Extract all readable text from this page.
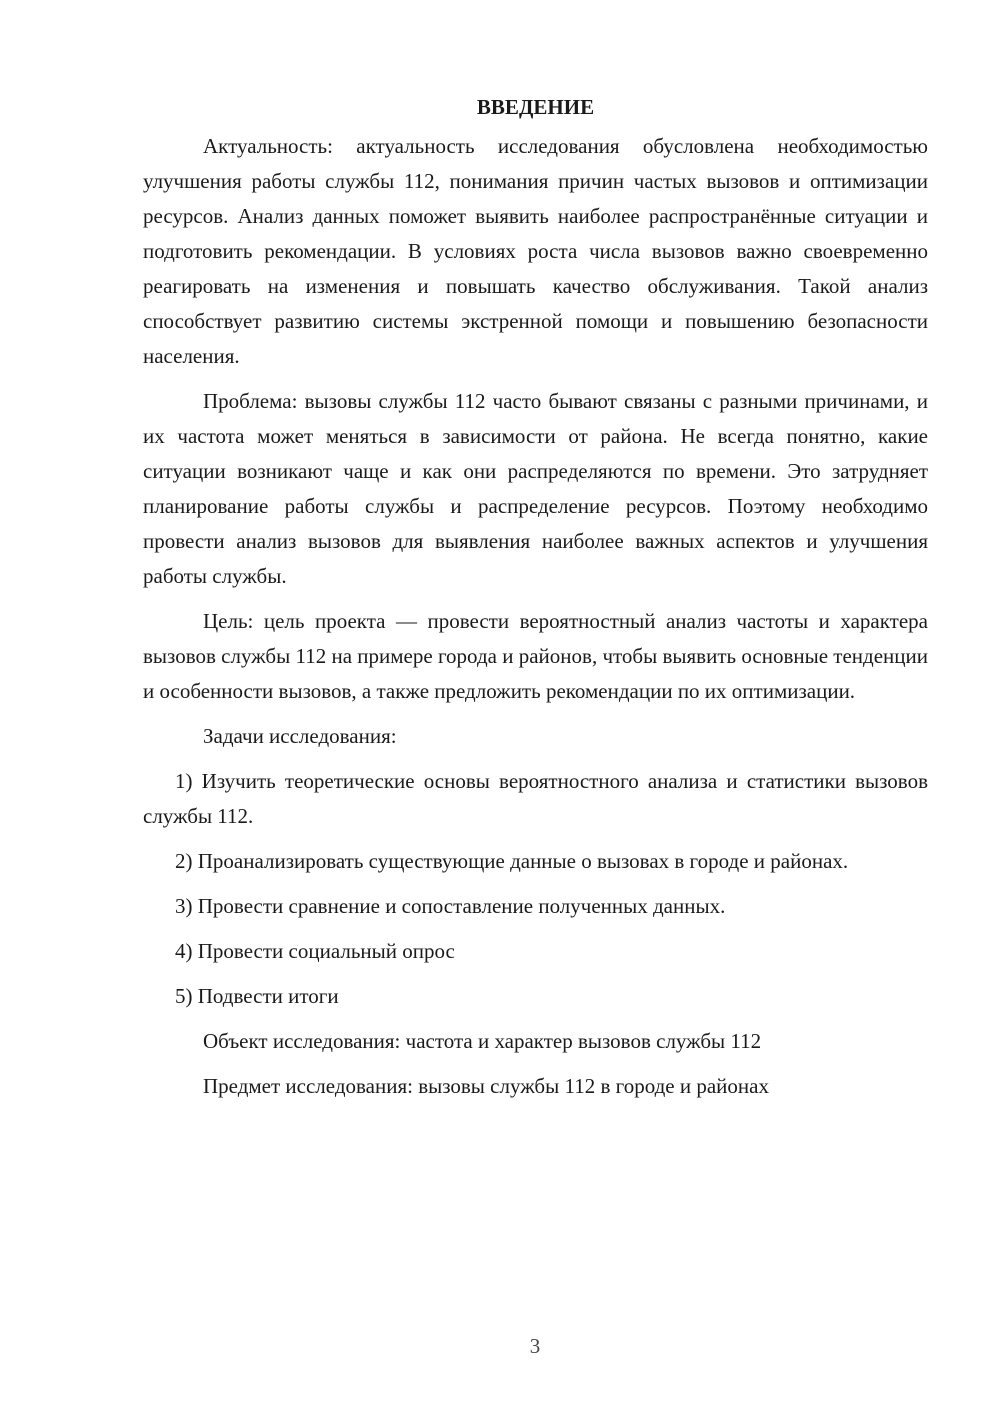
ВВЕДЕНИЕ

Актуальность: актуальность исследования обусловлена необходимостью улучшения работы службы 112, понимания причин частых вызовов и оптимизации ресурсов. Анализ данных поможет выявить наиболее распространённые ситуации и подготовить рекомендации. В условиях роста числа вызовов важно своевременно реагировать на изменения и повышать качество обслуживания. Такой анализ способствует развитию системы экстренной помощи и повышению безопасности населения.

Проблема: вызовы службы 112 часто бывают связаны с разными причинами, и их частота может меняться в зависимости от района. Не всегда понятно, какие ситуации возникают чаще и как они распределяются по времени. Это затрудняет планирование работы службы и распределение ресурсов. Поэтому необходимо провести анализ вызовов для выявления наиболее важных аспектов и улучшения работы службы.

Цель: цель проекта — провести вероятностный анализ частоты и характера вызовов службы 112 на примере города и районов, чтобы выявить основные тенденции и особенности вызовов, а также предложить рекомендации по их оптимизации.

Задачи исследования:

1) Изучить теоретические основы вероятностного анализа и статистики вызовов службы 112.

2) Проанализировать существующие данные о вызовах в городе и районах.

3) Провести сравнение и сопоставление полученных данных.

4) Провести социальный опрос

5) Подвести итоги

Объект исследования: частота и характер вызовов службы 112

Предмет исследования: вызовы службы 112 в городе и районах

3
